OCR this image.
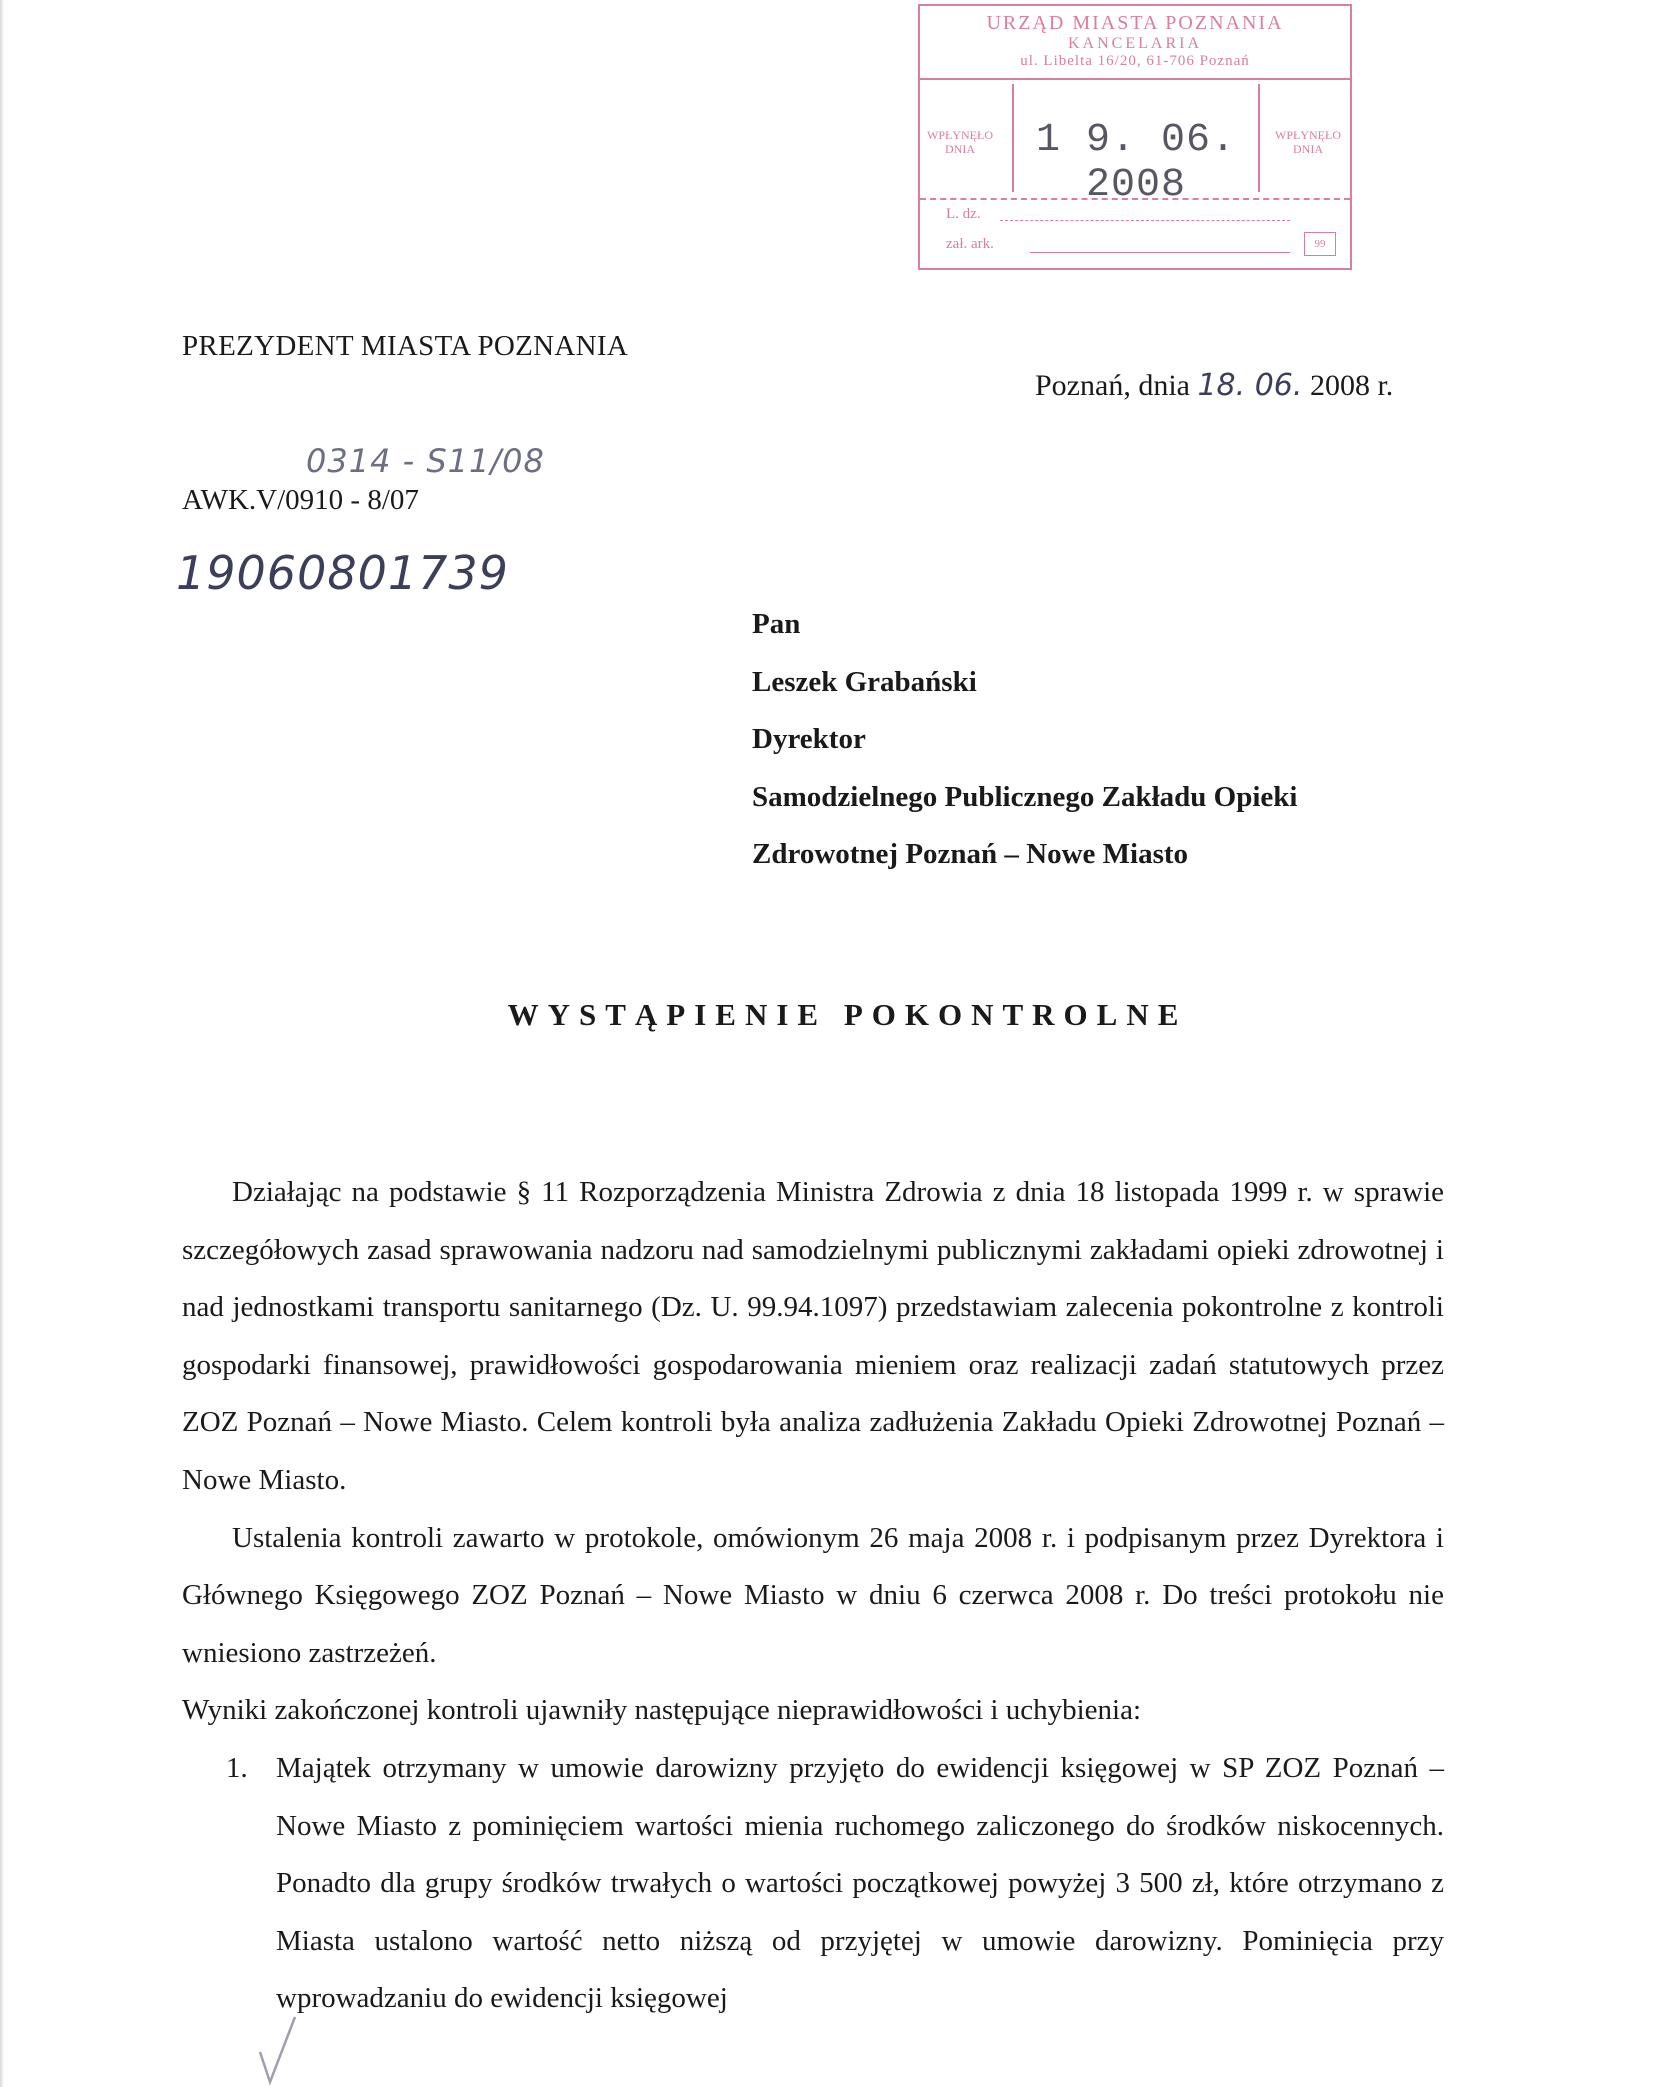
URZĄD MIASTA POZNANIA
KANCELARIA
ul. Libelta 16/20, 61-706 Poznań
WPŁYNĘŁO DNIA	1 9. 06. 2008
WPŁYNĘŁO DNIA
L. dz.
zał. ark.	99
PREZYDENT MIASTA POZNANIA
Poznań, dnia 18. 06. 2008 r.
0314 - S11/08
AWK.V/0910 - 8/07
19060801739
Pan
Leszek Grabański
Dyrektor
Samodzielnego Publicznego Zakładu Opieki
Zdrowotnej Poznań – Nowe Miasto
WYSTĄPIENIE POKONTROLNE

Działając na podstawie § 11 Rozporządzenia Ministra Zdrowia z dnia 18 listopada 1999 r. w sprawie szczegółowych zasad sprawowania nadzoru nad samodzielnymi publicznymi zakładami opieki zdrowotnej i nad jednostkami transportu sanitarnego (Dz. U. 99.94.1097) przedstawiam zalecenia pokontrolne z kontroli gospodarki finansowej, prawidłowości gospodarowania mieniem oraz realizacji zadań statutowych przez ZOZ Poznań – Nowe Miasto. Celem kontroli była analiza zadłużenia Zakładu Opieki Zdrowotnej Poznań – Nowe Miasto.

Ustalenia kontroli zawarto w protokole, omówionym 26 maja 2008 r. i podpisanym przez Dyrektora i Głównego Księgowego ZOZ Poznań – Nowe Miasto w dniu 6 czerwca 2008 r. Do treści protokołu nie wniesiono zastrzeżeń.

Wyniki zakończonej kontroli ujawniły następujące nieprawidłowości i uchybienia:

1. Majątek otrzymany w umowie darowizny przyjęto do ewidencji księgowej w SP ZOZ Poznań – Nowe Miasto z pominięciem wartości mienia ruchomego zaliczonego do środków niskocennych. Ponadto dla grupy środków trwałych o wartości początkowej powyżej 3 500 zł, które otrzymano z Miasta ustalono wartość netto niższą od przyjętej w umowie darowizny. Pominięcia przy wprowadzaniu do ewidencji księgowej
